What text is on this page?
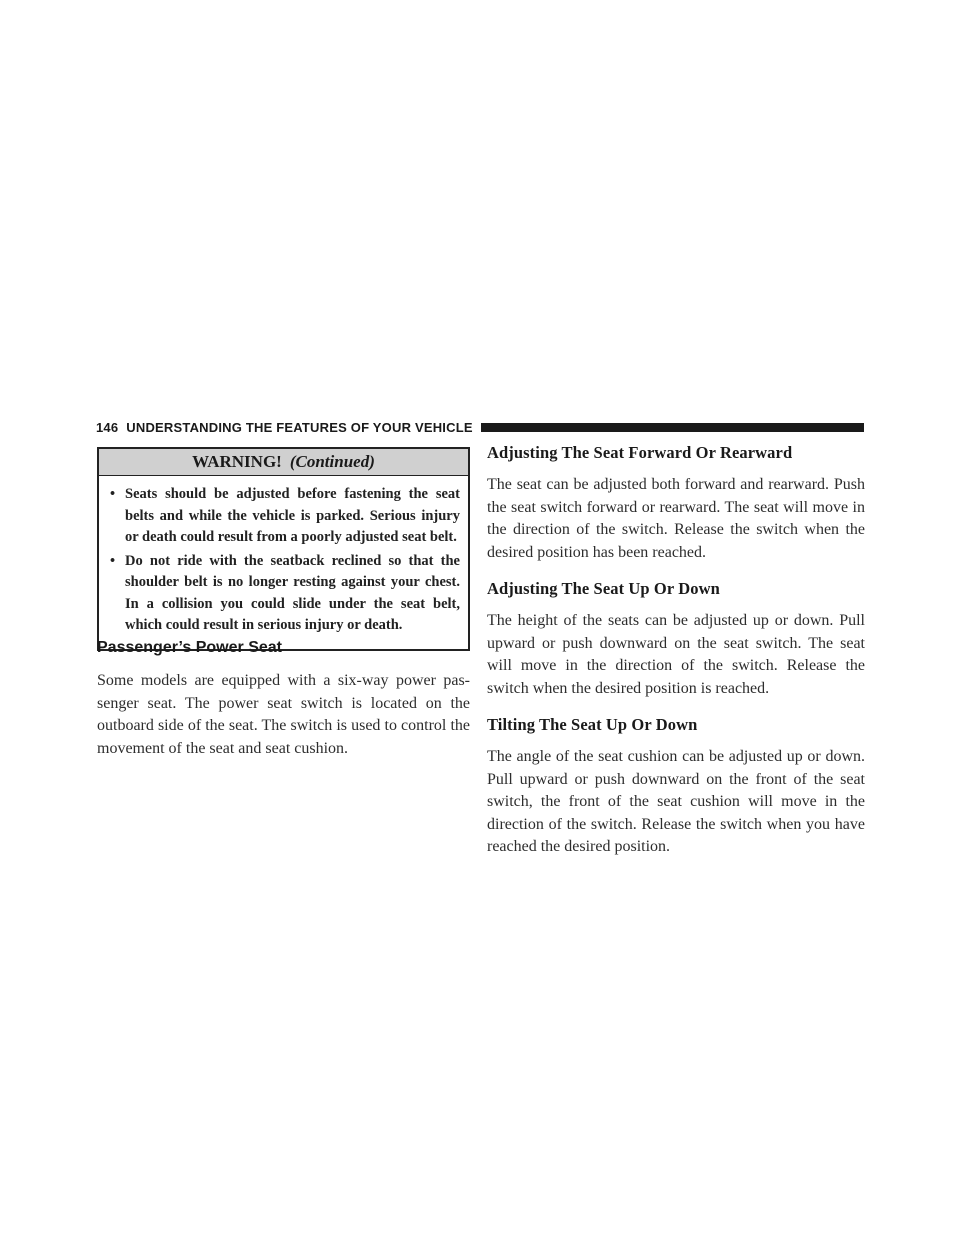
146 UNDERSTANDING THE FEATURES OF YOUR VEHICLE
WARNING! (Continued)
• Seats should be adjusted before fastening the seat belts and while the vehicle is parked. Serious injury or death could result from a poorly adjusted seat belt.
• Do not ride with the seatback reclined so that the shoulder belt is no longer resting against your chest. In a collision you could slide under the seat belt, which could result in serious injury or death.
Passenger’s Power Seat

Some models are equipped with a six-way power pas-senger seat. The power seat switch is located on the outboard side of the seat. The switch is used to control the movement of the seat and seat cushion.

Adjusting The Seat Forward Or Rearward

The seat can be adjusted both forward and rearward. Push the seat switch forward or rearward. The seat will move in the direction of the switch. Release the switch when the desired position has been reached.

Adjusting The Seat Up Or Down

The height of the seats can be adjusted up or down. Pull upward or push downward on the seat switch. The seat will move in the direction of the switch. Release the switch when the desired position is reached.

Tilting The Seat Up Or Down

The angle of the seat cushion can be adjusted up or down. Pull upward or push downward on the front of the seat switch, the front of the seat cushion will move in the direction of the switch. Release the switch when you have reached the desired position.
